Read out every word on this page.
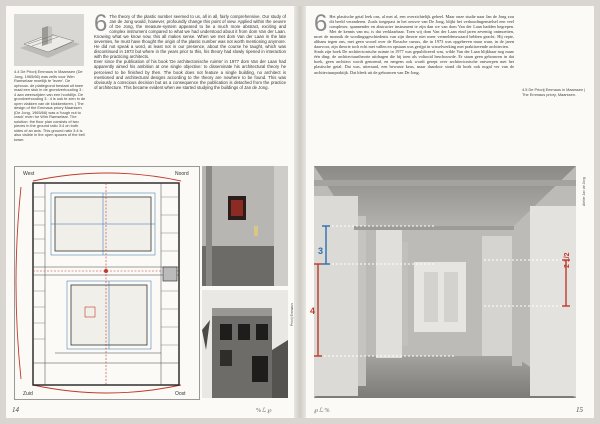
4.4 De Priorij Emmaus in Maarssen (De Jong, 1965/66) was zelfs voor Wim Ramselaar moeilijk te 'lezen'. De opbouw- de plattegrond bestaat uit twee maal een stuk in de grondverhouding 3 : 4 aan weerszijden van een hoofdlijn. De grondverhouding 3 : 4 is ook te zien in de open vlakken van de klokkentoren. | The design of the Emmaus priory Maarssen (De Jong, 1965/66) was a 'tough nut to crack' even for Wim Ramselaar. The solution: the floor plan consists of two pieces in the ground ratio 3:4 on both sides of an axis. This ground ratio 3:4 is also visible in the open spaces of the bell tower.
6 The theory of the plastic number seemed to us, all in all, fairly comprehensive. Our study of Jan de Jong would, however, profoundly change this point of view. Applied within the oeuvre of De Jong, the measure-system appeared to be a much more abstract, exciting and complex instrument compared to what we had understood about it from dom Van der Laan. Knowing what we know now, this all makes sense. When we met dom Van der Laan in the late seventies, he must have thought the origin of the plastic number was not worth mentioning anymore. He did not speak a word, at least not in our presence, about the course he taught, which was discontinued in 1973 but where in the years prior to this, his theory had slowly ripened in interaction with the practicing architects.
Ever since the publication of his book 'De architectonische ruimte' in 1977 dom Van der Laan had apparently aimed his ambition at one single objective: to disseminate his architectural theory he perceived to be finished by then. The book does not feature a single building, no architect is mentioned and architectural designs according to the theory are nowhere to be found. This was obviously a conscious decision but as a consequence the publication is detached from the practice of architecture. This became evident when we started studying the buildings of Jan de Jong.
West	Noord
Zuid	Oost
Priorij Emmaus
14	%ℒ℘
6 Het plastische getal leek ons, al met al, een overzichtelijk geheel. Maar onze studie naar Jan de Jong zou dit beeld veranderen. Zoals toegepast in het oeuvre van De Jong, blijkt het verhoudingenstelsel een veel complexer, spannender en abstracter instrument te zijn dan we van dom Van der Laan hadden begrepen. Met de kennis van nu, is dat verklaarbaar. Toen wij dom Van der Laan eind jaren zeventig ontmoetten, moet de monnik de wordingsgeschiedenis van zijn theorie niet meer vermeldenswaard hebben geacht. Hij repte, althans tegen ons, met geen woord over de Bossche cursus, die in 1973 was opgeheven maar waar, in de jaren daarvoor, zijn theorie toch echt met vallen en opstaan was gerijpt in wisselwerking met praktiserende architecten.
Sinds zijn boek De architectonische ruimte in 1977 was gepubliceerd was, wilde Van der Laan blijkbaar nog maar één ding: de architectuurtheorie uitdragen die hij toen als voltooid beschouwde. Er staan geen gebouwen in dat boek, geen architect wordt genoemd, en nergens ook wordt gerept over architectonische ontwerpen met het plastische getal. Dat was, uiteraard, een bewuste keus, maar daardoor stond dit boek ook nogal ver van de architectuurpraktijk. Dat bleek uit de gebouwen van De Jong.
4.5 De Priorij Emmaus in Maarssen | The Emmaus priory, Maarssen.
Atelier Jan de Jong
3
4
2 1/2
℘ℒ%	15
